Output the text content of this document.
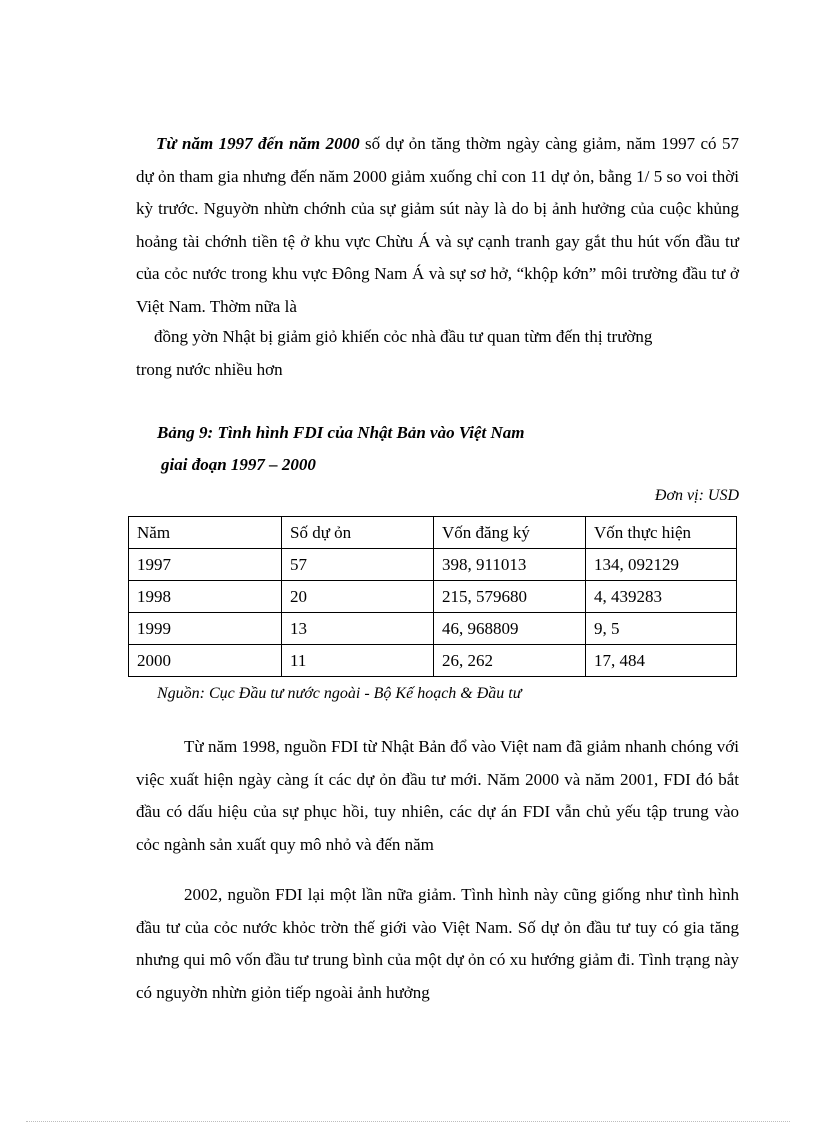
Từ năm 1997 đến năm 2000 số dự ỏn tăng thờm ngày càng giảm, năm 1997 có 57 dự ỏn tham gia nhưng đến năm 2000 giảm xuống chỉ con 11 dự ỏn, bằng 1/ 5 so voi thời kỳ trước. Nguyờn nhừn chớnh của sự giảm sút này là do bị ảnh hưởng của cuộc khủng hoảng tài chớnh tiền tệ ở khu vực Chừu Á và sự cạnh tranh gay gắt thu hút vốn đầu tư của cỏc nước trong khu vực Đông Nam Á và sự sơ hở, “khộp kớn” môi trường đầu tư ở Việt Nam. Thờm nữa là

đồng yờn Nhật bị giảm giỏ khiến cỏc nhà đầu tư quan từm đến thị trường
trong nước nhiều hơn

Bảng 9: Tình hình FDI của Nhật Bản vào Việt Nam

giai đoạn 1997 – 2000

Đơn vị: USD

Năm	Số dự ỏn	Vốn đăng ký	Vốn thực hiện
1997	57	398, 911013	134, 092129
1998	20	215, 579680	4, 439283
1999	13	46, 968809	9, 5
2000	11	26, 262	17, 484

Nguồn: Cục Đầu tư nước ngoài - Bộ Kế hoạch & Đầu tư

Từ năm 1998, nguồn FDI từ Nhật Bản đổ vào Việt nam đã giảm nhanh chóng với việc xuất hiện ngày càng ít các dự ỏn đầu tư mới. Năm 2000 và năm 2001, FDI đó bắt đầu có dấu hiệu của sự phục hồi, tuy nhiên, các dự án FDI vẫn chủ yếu tập trung vào cỏc ngành sản xuất quy mô nhỏ và đến năm

2002, nguồn FDI lại một lần nữa giảm. Tình hình này cũng giống như tình hình đầu tư của cỏc nước khỏc trờn thế giới vào Việt Nam. Số dự ỏn đầu tư tuy có gia tăng nhưng qui mô vốn đầu tư trung bình của một dự ỏn có xu hướng giảm đi. Tình trạng này có nguyờn nhừn giỏn tiếp ngoài ảnh hưởng
